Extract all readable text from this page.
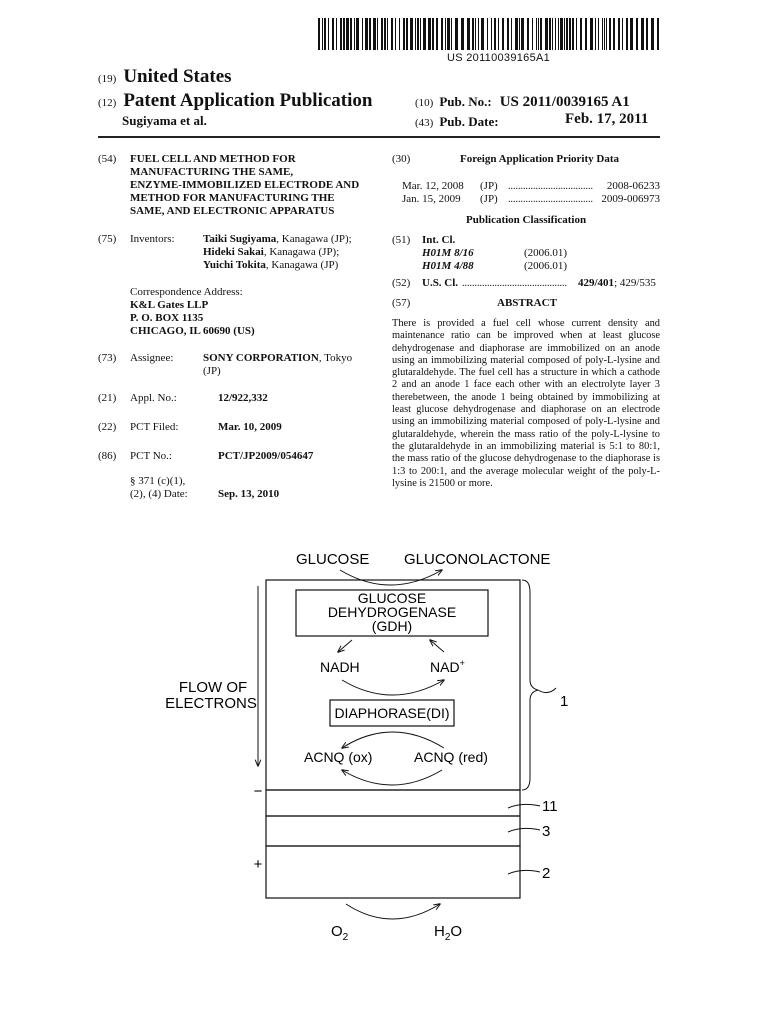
US 20110039165A1
(19) United States
(12) Patent Application Publication
Sugiyama et al.
(10) Pub. No.: US 2011/0039165 A1
(43) Pub. Date:	Feb. 17, 2011
(54) FUEL CELL AND METHOD FOR
MANUFACTURING THE SAME,
ENZYME-IMMOBILIZED ELECTRODE AND
METHOD FOR MANUFACTURING THE
SAME, AND ELECTRONIC APPARATUS
(75) Inventors:	Taiki Sugiyama, Kanagawa (JP);
Hideki Sakai, Kanagawa (JP);
Yuichi Tokita, Kanagawa (JP)
Correspondence Address:
K&L Gates LLP
P. O. BOX 1135
CHICAGO, IL 60690 (US)
(73) Assignee:	SONY CORPORATION, Tokyo
(JP)
(21) Appl. No.:	12/922,332
(22) PCT Filed:	Mar. 10, 2009
(86) PCT No.:	PCT/JP2009/054647
§ 371 (c)(1),
(2), (4) Date:	Sep. 13, 2010
(30)	Foreign Application Priority Data
Mar. 12, 2008 (JP) ..................................	2008-06233
Jan. 15, 2009 (JP) .................................. 2009-006973
Publication Classification
(51) Int. Cl.
H01M 8/16	(2006.01)
H01M 4/88	(2006.01)
(52) U.S. Cl. ..........................................	429/401; 429/535
(57)	ABSTRACT
There is provided a fuel cell whose current density and maintenance ratio can be improved when at least glucose dehydrogenase and diaphorase are immobilized on an anode using an immobilizing material composed of poly-L-lysine and glutaraldehyde. The fuel cell has a structure in which a cathode 2 and an anode 1 face each other with an electrolyte layer 3 therebetween, the anode 1 being obtained by immobilizing at least glucose dehydrogenase and diaphorase on an electrode using an immobilizing material composed of poly-L-lysine and glutaraldehyde, wherein the mass ratio of the poly-L-lysine to the glutaraldehyde in an immobilizing material is 5:1 to 80:1, the mass ratio of the glucose dehydrogenase to the diaphorase is 1:3 to 200:1, and the average molecular weight of the poly-L-lysine is 21500 or more.
GLUCOSE GLUCONOLACTONE
GLUCOSE
DEHYDROGENASE
(GDH)
NADH	NAD+
DIAPHORASE(DI)
ACNQ (ox)	ACNQ (red)
FLOW OF
ELECTRONS
−
+
1
11
3
2
$O_2$	$H_2O$
